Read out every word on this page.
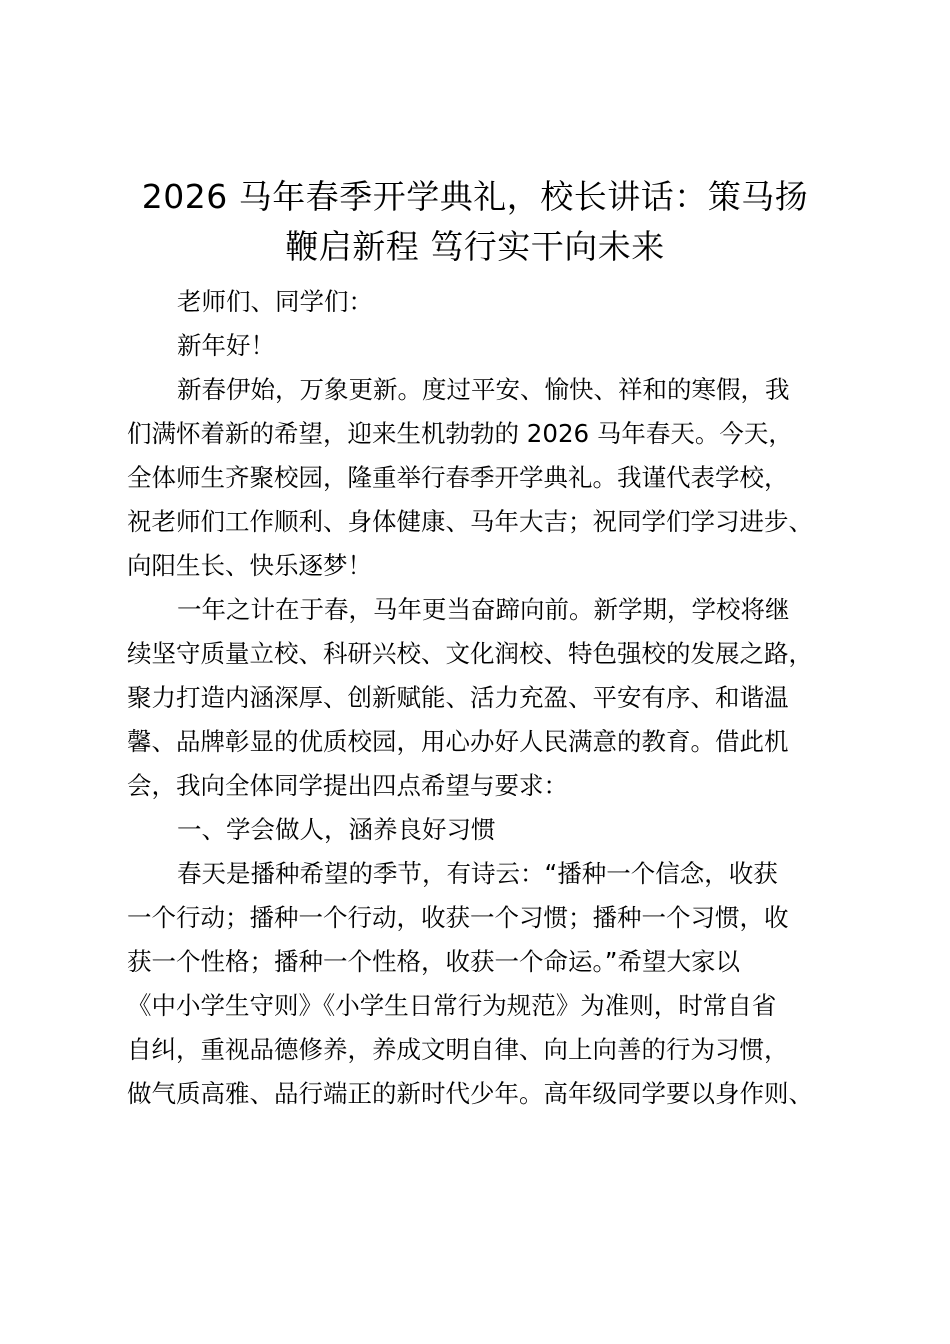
2026 马年春季开学典礼，校长讲话：策马扬
鞭启新程 笃行实干向未来

老师们、同学们：

新年好！

新春伊始，万象更新。度过平安、愉快、祥和的寒假，我

们满怀着新的希望，迎来生机勃勃的 2026 马年春天。今天，

全体师生齐聚校园，隆重举行春季开学典礼。我谨代表学校，

祝老师们工作顺利、身体健康、马年大吉；祝同学们学习进步、

向阳生长、快乐逐梦！

一年之计在于春，马年更当奋蹄向前。新学期，学校将继

续坚守质量立校、科研兴校、文化润校、特色强校的发展之路，

聚力打造内涵深厚、创新赋能、活力充盈、平安有序、和谐温

馨、品牌彰显的优质校园，用心办好人民满意的教育。借此机

会，我向全体同学提出四点希望与要求：

一、学会做人，涵养良好习惯

春天是播种希望的季节，有诗云：“播种一个信念，收获

一个行动；播种一个行动，收获一个习惯；播种一个习惯，收

获一个性格；播种一个性格，收获一个命运。”希望大家以

《中小学生守则》《小学生日常行为规范》为准则，时常自省

自纠，重视品德修养，养成文明自律、向上向善的行为习惯，

做气质高雅、品行端正的新时代少年。高年级同学要以身作则、
